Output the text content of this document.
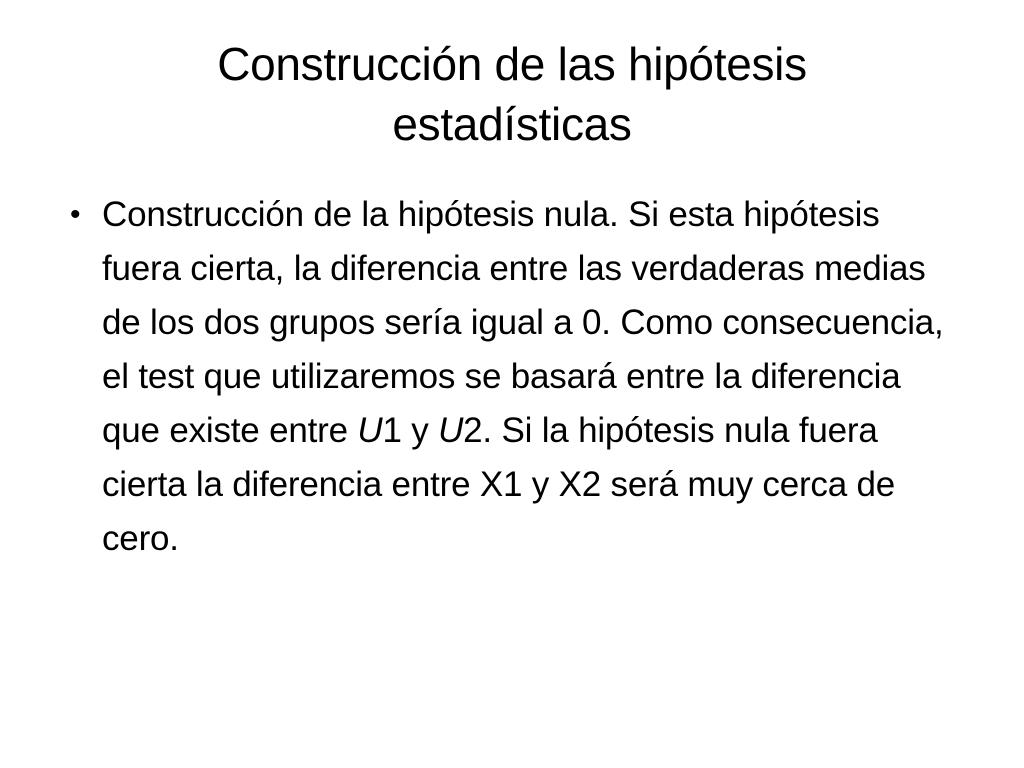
Construcción de las hipótesis
estadísticas
• Construcción de la hipótesis nula. Si esta hipótesis fuera cierta, la diferencia entre las verdaderas medias de los dos grupos sería igual a 0. Como consecuencia, el test que utilizaremos se basará entre la diferencia que existe entre U1 y U2. Si la hipótesis nula fuera cierta la diferencia entre X1 y X2 será muy cerca de cero.
